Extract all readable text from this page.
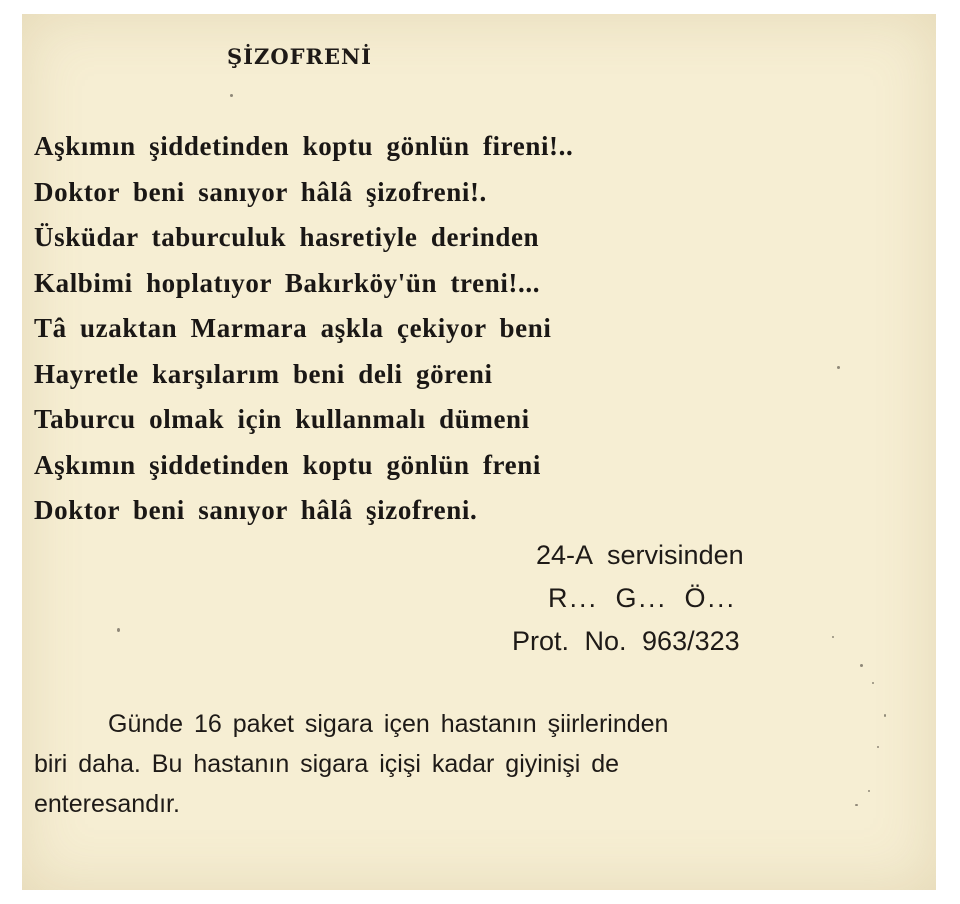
ŞİZOFRENİ
Aşkımın şiddetinden koptu gönlün fireni!..
Doktor beni sanıyor hâlâ şizofreni!.
Üsküdar taburculuk hasretiyle derinden
Kalbimi hoplatıyor Bakırköy'ün treni!...
Tâ uzaktan Marmara aşkla çekiyor beni
Hayretle karşılarım beni deli göreni
Taburcu olmak için kullanmalı dümeni
Aşkımın şiddetinden koptu gönlün freni
Doktor beni sanıyor hâlâ şizofreni.
24-A servisinden
R... G... Ö...
Prot. No. 963/323
Günde 16 paket sigara içen hastanın şiirlerinden
biri daha. Bu hastanın sigara içişi kadar giyinişi de
enteresandır.
